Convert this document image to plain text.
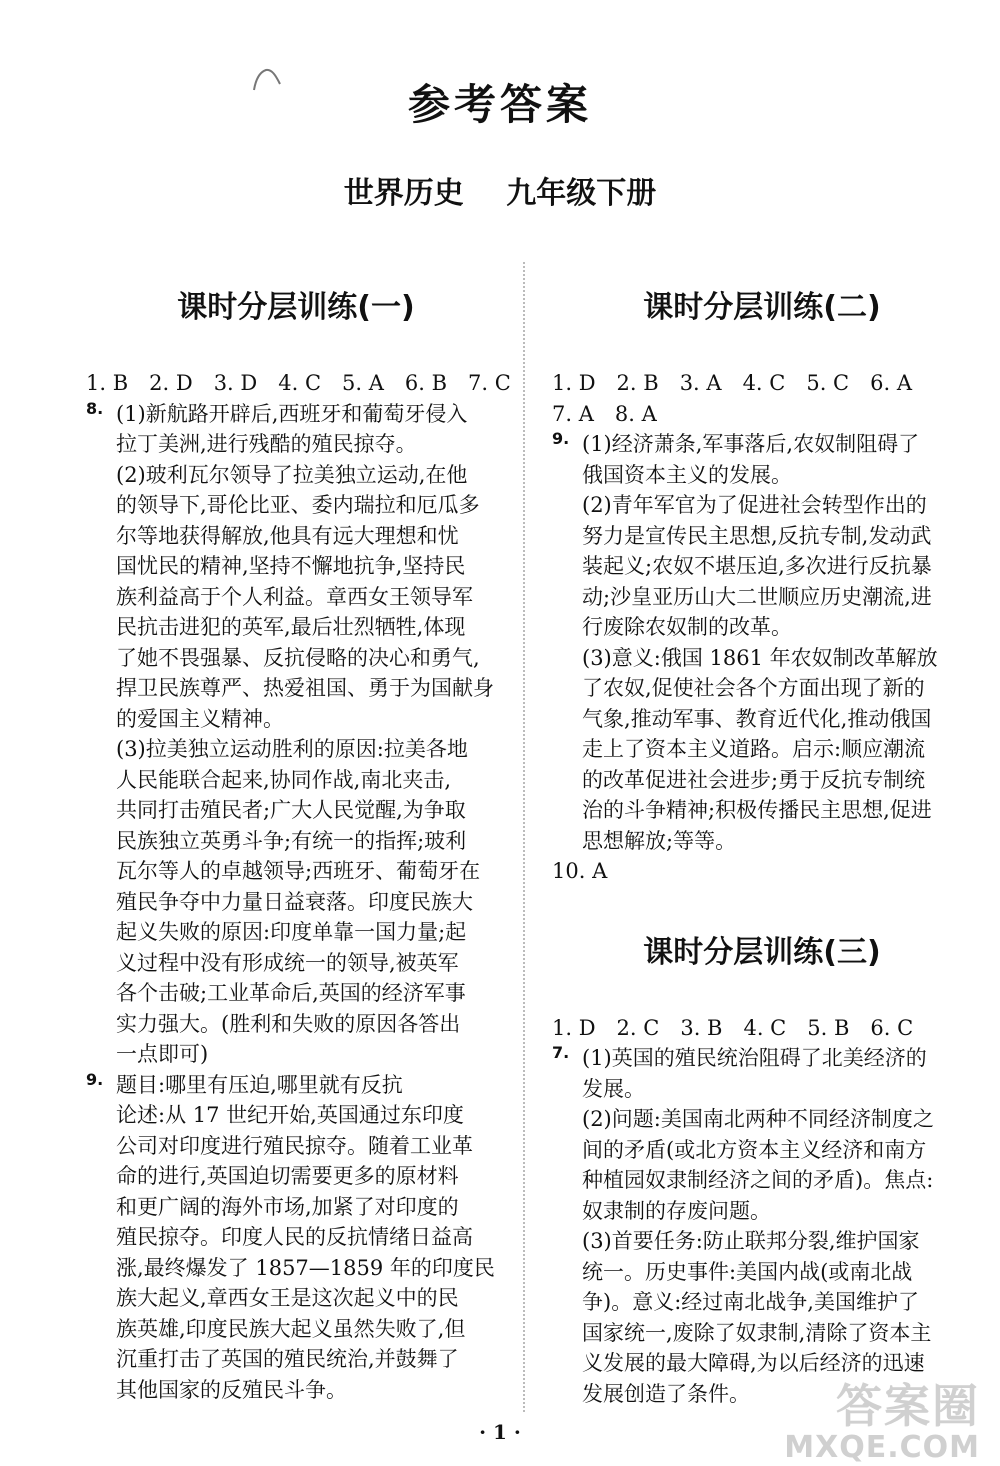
参考答案
世界历史 九年级下册
课时分层训练(一)
1. B　2. D　3. D　4. C　5. A　6. B　7. C
8. (1)新航路开辟后,西班牙和葡萄牙侵入

拉丁美洲,进行残酷的殖民掠夺。

(2)玻利瓦尔领导了拉美独立运动,在他

的领导下,哥伦比亚、委内瑞拉和厄瓜多

尔等地获得解放,他具有远大理想和忧

国忧民的精神,坚持不懈地抗争,坚持民

族利益高于个人利益。章西女王领导军

民抗击进犯的英军,最后壮烈牺牲,体现

了她不畏强暴、反抗侵略的决心和勇气,

捍卫民族尊严、热爱祖国、勇于为国献身

的爱国主义精神。

(3)拉美独立运动胜利的原因:拉美各地

人民能联合起来,协同作战,南北夹击,

共同打击殖民者;广大人民觉醒,为争取

民族独立英勇斗争;有统一的指挥;玻利

瓦尔等人的卓越领导;西班牙、葡萄牙在

殖民争夺中力量日益衰落。印度民族大

起义失败的原因:印度单靠一国力量;起

义过程中没有形成统一的领导,被英军

各个击破;工业革命后,英国的经济军事

实力强大。(胜利和失败的原因各答出

一点即可)

9. 题目:哪里有压迫,哪里就有反抗

论述:从 17 世纪开始,英国通过东印度

公司对印度进行殖民掠夺。随着工业革

命的进行,英国迫切需要更多的原材料

和更广阔的海外市场,加紧了对印度的

殖民掠夺。印度人民的反抗情绪日益高

涨,最终爆发了 1857—1859 年的印度民

族大起义,章西女王是这次起义中的民

族英雄,印度民族大起义虽然失败了,但

沉重打击了英国的殖民统治,并鼓舞了

其他国家的反殖民斗争。

课时分层训练(二)
1. D　2. B　3. A　4. C　5. C　6. A
7. A　8. A
9. (1)经济萧条,军事落后,农奴制阻碍了

俄国资本主义的发展。

(2)青年军官为了促进社会转型作出的

努力是宣传民主思想,反抗专制,发动武

装起义;农奴不堪压迫,多次进行反抗暴

动;沙皇亚历山大二世顺应历史潮流,进

行废除农奴制的改革。

(3)意义:俄国 1861 年农奴制改革解放

了农奴,促使社会各个方面出现了新的

气象,推动军事、教育近代化,推动俄国

走上了资本主义道路。启示:顺应潮流

的改革促进社会进步;勇于反抗专制统

治的斗争精神;积极传播民主思想,促进

思想解放;等等。

10. A
课时分层训练(三)
1. D　2. C　3. B　4. C　5. B　6. C
7. (1)英国的殖民统治阻碍了北美经济的

发展。

(2)问题:美国南北两种不同经济制度之

间的矛盾(或北方资本主义经济和南方

种植园奴隶制经济之间的矛盾)。焦点:

奴隶制的存废问题。

(3)首要任务:防止联邦分裂,维护国家

统一。历史事件:美国内战(或南北战

争)。意义:经过南北战争,美国维护了

国家统一,废除了奴隶制,清除了资本主

义发展的最大障碍,为以后经济的迅速

发展创造了条件。

· 1 ·	答案圈
MXQE.COM
